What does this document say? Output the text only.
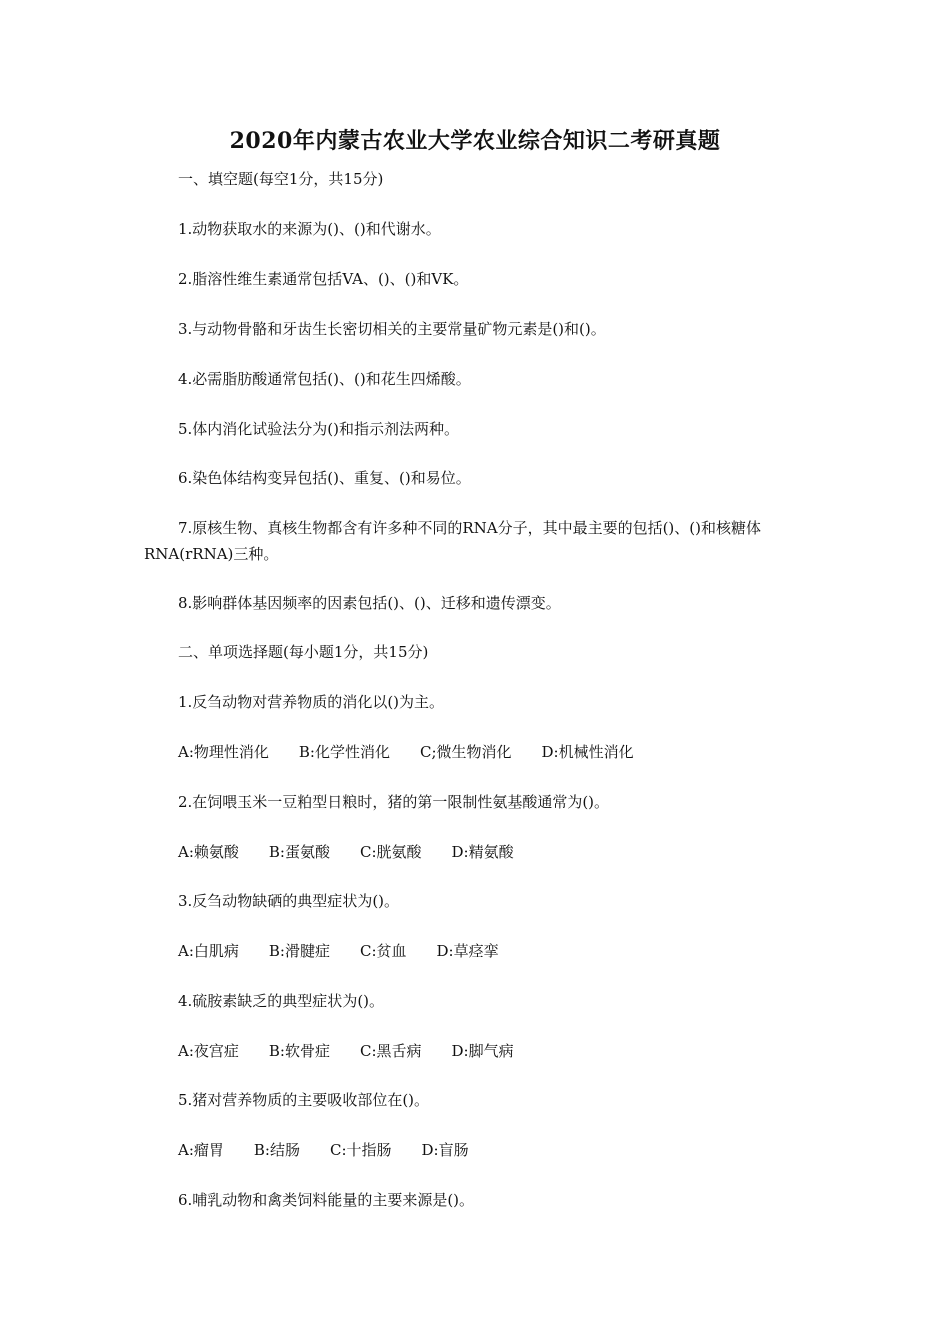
2020年内蒙古农业大学农业综合知识二考研真题
一、填空题(每空1分，共15分)
1.动物获取水的来源为()、()和代谢水。
2.脂溶性维生素通常包括VA、()、()和VK。
3.与动物骨骼和牙齿生长密切相关的主要常量矿物元素是()和()。
4.必需脂肪酸通常包括()、()和花生四烯酸。
5.体内消化试验法分为()和指示剂法两种。
6.染色体结构变异包括()、重复、()和易位。
7.原核生物、真核生物都含有许多种不同的RNA分子，其中最主要的包括()、()和核糖体RNA(rRNA)三种。
8.影响群体基因频率的因素包括()、()、迁移和遗传漂变。
二、单项选择题(每小题1分，共15分)
1.反刍动物对营养物质的消化以()为主。
A:物理性消化 B:化学性消化 C;微生物消化 D:机械性消化
2.在饲喂玉米一豆粕型日粮时，猪的第一限制性氨基酸通常为()。
A:赖氨酸 B:蛋氨酸 C:胱氨酸 D:精氨酸
3.反刍动物缺硒的典型症状为()。
A:白肌病 B:滑腱症 C:贫血 D:草痉挛
4.硫胺素缺乏的典型症状为()。
A:夜宫症 B:软骨症 C:黑舌病 D:脚气病
5.猪对营养物质的主要吸收部位在()。
A:瘤胃 B:结肠 C:十指肠 D:盲肠
6.哺乳动物和禽类饲料能量的主要来源是()。
